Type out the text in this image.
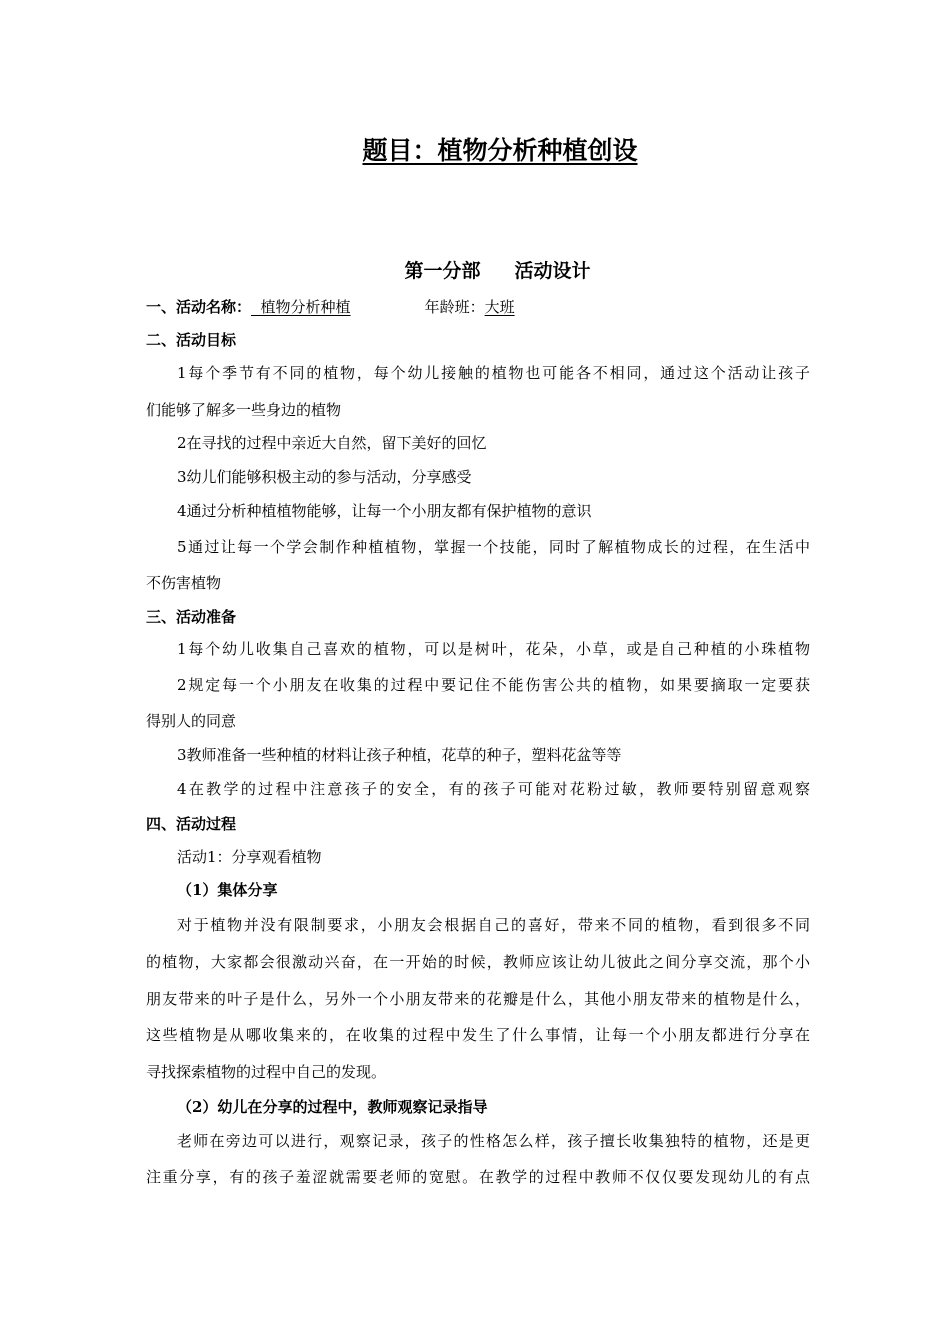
题目：植物分析种植创设
第一分部 活动设计
一、活动名称：  植物分析种植	年龄班：大班
二、活动目标
1每个季节有不同的植物，每个幼儿接触的植物也可能各不相同，通过这个活动让孩子
们能够了解多一些身边的植物
2在寻找的过程中亲近大自然，留下美好的回忆
3幼儿们能够积极主动的参与活动，分享感受
4通过分析种植植物能够，让每一个小朋友都有保护植物的意识
5通过让每一个学会制作种植植物，掌握一个技能，同时了解植物成长的过程，在生活中
不伤害植物
三、活动准备
1每个幼儿收集自己喜欢的植物，可以是树叶，花朵，小草，或是自己种植的小珠植物
2规定每一个小朋友在收集的过程中要记住不能伤害公共的植物，如果要摘取一定要获
得别人的同意
3教师准备一些种植的材料让孩子种植，花草的种子，塑料花盆等等
4在教学的过程中注意孩子的安全，有的孩子可能对花粉过敏，教师要特别留意观察
四、活动过程
活动1：分享观看植物
（1）集体分享
对于植物并没有限制要求，小朋友会根据自己的喜好，带来不同的植物，看到很多不同
的植物，大家都会很激动兴奋，在一开始的时候，教师应该让幼儿彼此之间分享交流，那个小
朋友带来的叶子是什么，另外一个小朋友带来的花瓣是什么，其他小朋友带来的植物是什么，
这些植物是从哪收集来的，在收集的过程中发生了什么事情，让每一个小朋友都进行分享在
寻找探索植物的过程中自己的发现。
（2）幼儿在分享的过程中，教师观察记录指导
老师在旁边可以进行，观察记录，孩子的性格怎么样，孩子擅长收集独特的植物，还是更
注重分享，有的孩子羞涩就需要老师的宽慰。在教学的过程中教师不仅仅要发现幼儿的有点
